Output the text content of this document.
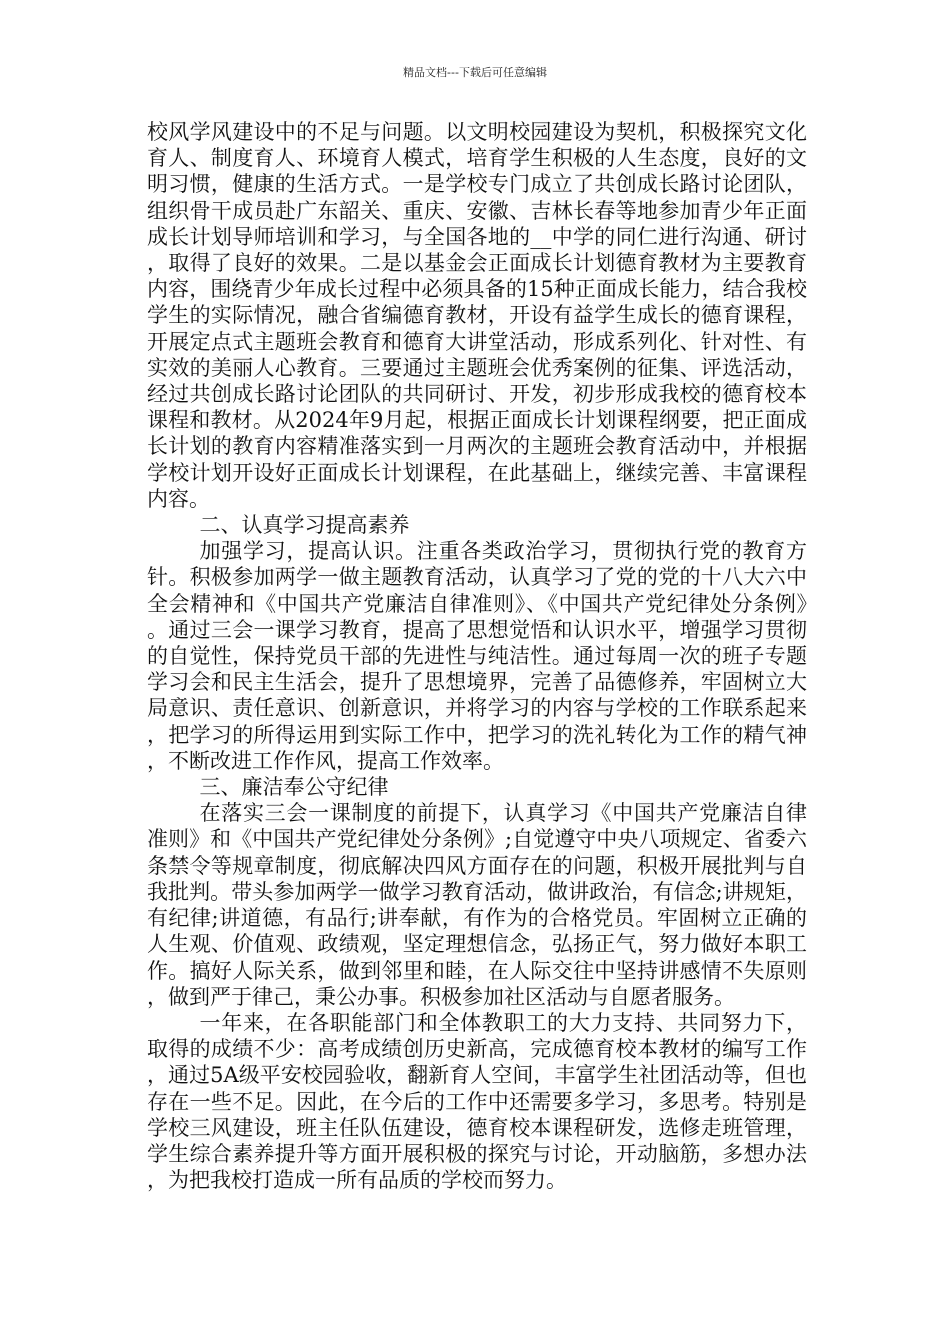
精品文档---下载后可任意编辑

校风学风建设中的不足与问题。以文明校园建设为契机，积极探究文化育人、制度育人、环境育人模式，培育学生积极的人生态度，良好的文明习惯，健康的生活方式。一是学校专门成立了共创成长路讨论团队，组织骨干成员赴广东韶关、重庆、安徽、吉林长春等地参加青少年正面成长计划导师培训和学习，与全国各地的__中学的同仁进行沟通、研讨，取得了良好的效果。二是以基金会正面成长计划德育教材为主要教育内容，围绕青少年成长过程中必须具备的15种正面成长能力，结合我校学生的实际情况，融合省编德育教材，开设有益学生成长的德育课程，开展定点式主题班会教育和德育大讲堂活动，形成系列化、针对性、有实效的美丽人心教育。三要通过主题班会优秀案例的征集、评选活动，经过共创成长路讨论团队的共同研讨、开发，初步形成我校的德育校本课程和教材。从2024年9月起，根据正面成长计划课程纲要，把正面成长计划的教育内容精准落实到一月两次的主题班会教育活动中，并根据学校计划开设好正面成长计划课程，在此基础上，继续完善、丰富课程内容。

二、认真学习提高素养

加强学习，提高认识。注重各类政治学习，贯彻执行党的教育方针。积极参加两学一做主题教育活动，认真学习了党的党的十八大六中全会精神和《中国共产党廉洁自律准则》、《中国共产党纪律处分条例》。通过三会一课学习教育，提高了思想觉悟和认识水平，增强学习贯彻的自觉性，保持党员干部的先进性与纯洁性。通过每周一次的班子专题学习会和民主生活会，提升了思想境界，完善了品德修养，牢固树立大局意识、责任意识、创新意识，并将学习的内容与学校的工作联系起来，把学习的所得运用到实际工作中，把学习的洗礼转化为工作的精气神，不断改进工作作风，提高工作效率。

三、廉洁奉公守纪律

在落实三会一课制度的前提下，认真学习《中国共产党廉洁自律准则》和《中国共产党纪律处分条例》;自觉遵守中央八项规定、省委六条禁令等规章制度，彻底解决四风方面存在的问题，积极开展批判与自我批判。带头参加两学一做学习教育活动，做讲政治，有信念;讲规矩，有纪律;讲道德，有品行;讲奉献，有作为的合格党员。牢固树立正确的人生观、价值观、政绩观，坚定理想信念，弘扬正气，努力做好本职工作。搞好人际关系，做到邻里和睦，在人际交往中坚持讲感情不失原则，做到严于律己，秉公办事。积极参加社区活动与自愿者服务。

一年来，在各职能部门和全体教职工的大力支持、共同努力下，取得的成绩不少：高考成绩创历史新高，完成德育校本教材的编写工作，通过5A级平安校园验收，翻新育人空间，丰富学生社团活动等，但也存在一些不足。因此，在今后的工作中还需要多学习，多思考。特别是学校三风建设，班主任队伍建设，德育校本课程研发，选修走班管理，学生综合素养提升等方面开展积极的探究与讨论，开动脑筋，多想办法，为把我校打造成一所有品质的学校而努力。
